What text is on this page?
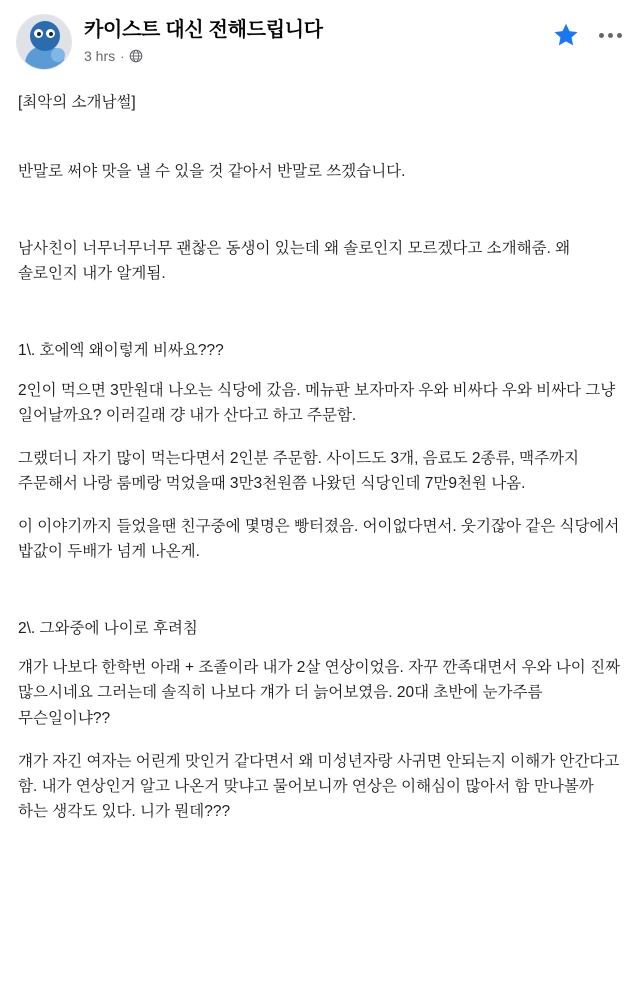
카이스트 대신 전해드립니다
3 hrs ·

[최악의 소개남썰]

반말로 써야 맛을 낼 수 있을 것 같아서 반말로 쓰겠습니다.

남사친이 너무너무너무 괜찮은 동생이 있는데 왜 솔로인지 모르겠다고 소개해줌. 왜 솔로인지 내가 알게됨.

1\. 호에엑 왜이렇게 비싸요???

2인이 먹으면 3만원대 나오는 식당에 갔음. 메뉴판 보자마자 우와 비싸다 우와 비싸다 그냥 일어날까요? 이러길래 걍 내가 산다고 하고 주문함.

그랬더니 자기 많이 먹는다면서 2인분 주문함. 사이드도 3개, 음료도 2종류, 맥주까지 주문해서 나랑 룸메랑 먹었을때 3만3천원쯤 나왔던 식당인데 7만9천원 나옴.

이 이야기까지 들었을땐 친구중에 몇명은 빵터졌음. 어이없다면서. 웃기잖아 같은 식당에서 밥값이 두배가 넘게 나온게.

2\. 그와중에 나이로 후려침

걔가 나보다 한학번 아래 + 조졸이라 내가 2살 연상이었음. 자꾸 깐족대면서 우와 나이 진짜 많으시네요 그러는데 솔직히 나보다 걔가 더 늙어보였음. 20대 초반에 눈가주름 무슨일이냐??

걔가 자긴 여자는 어린게 맛인거 같다면서 왜 미성년자랑 사귀면 안되는지 이해가 안간다고 함. 내가 연상인거 알고 나온거 맞냐고 물어보니까 연상은 이해심이 많아서 함 만나볼까 하는 생각도 있다. 니가 뭔데???
